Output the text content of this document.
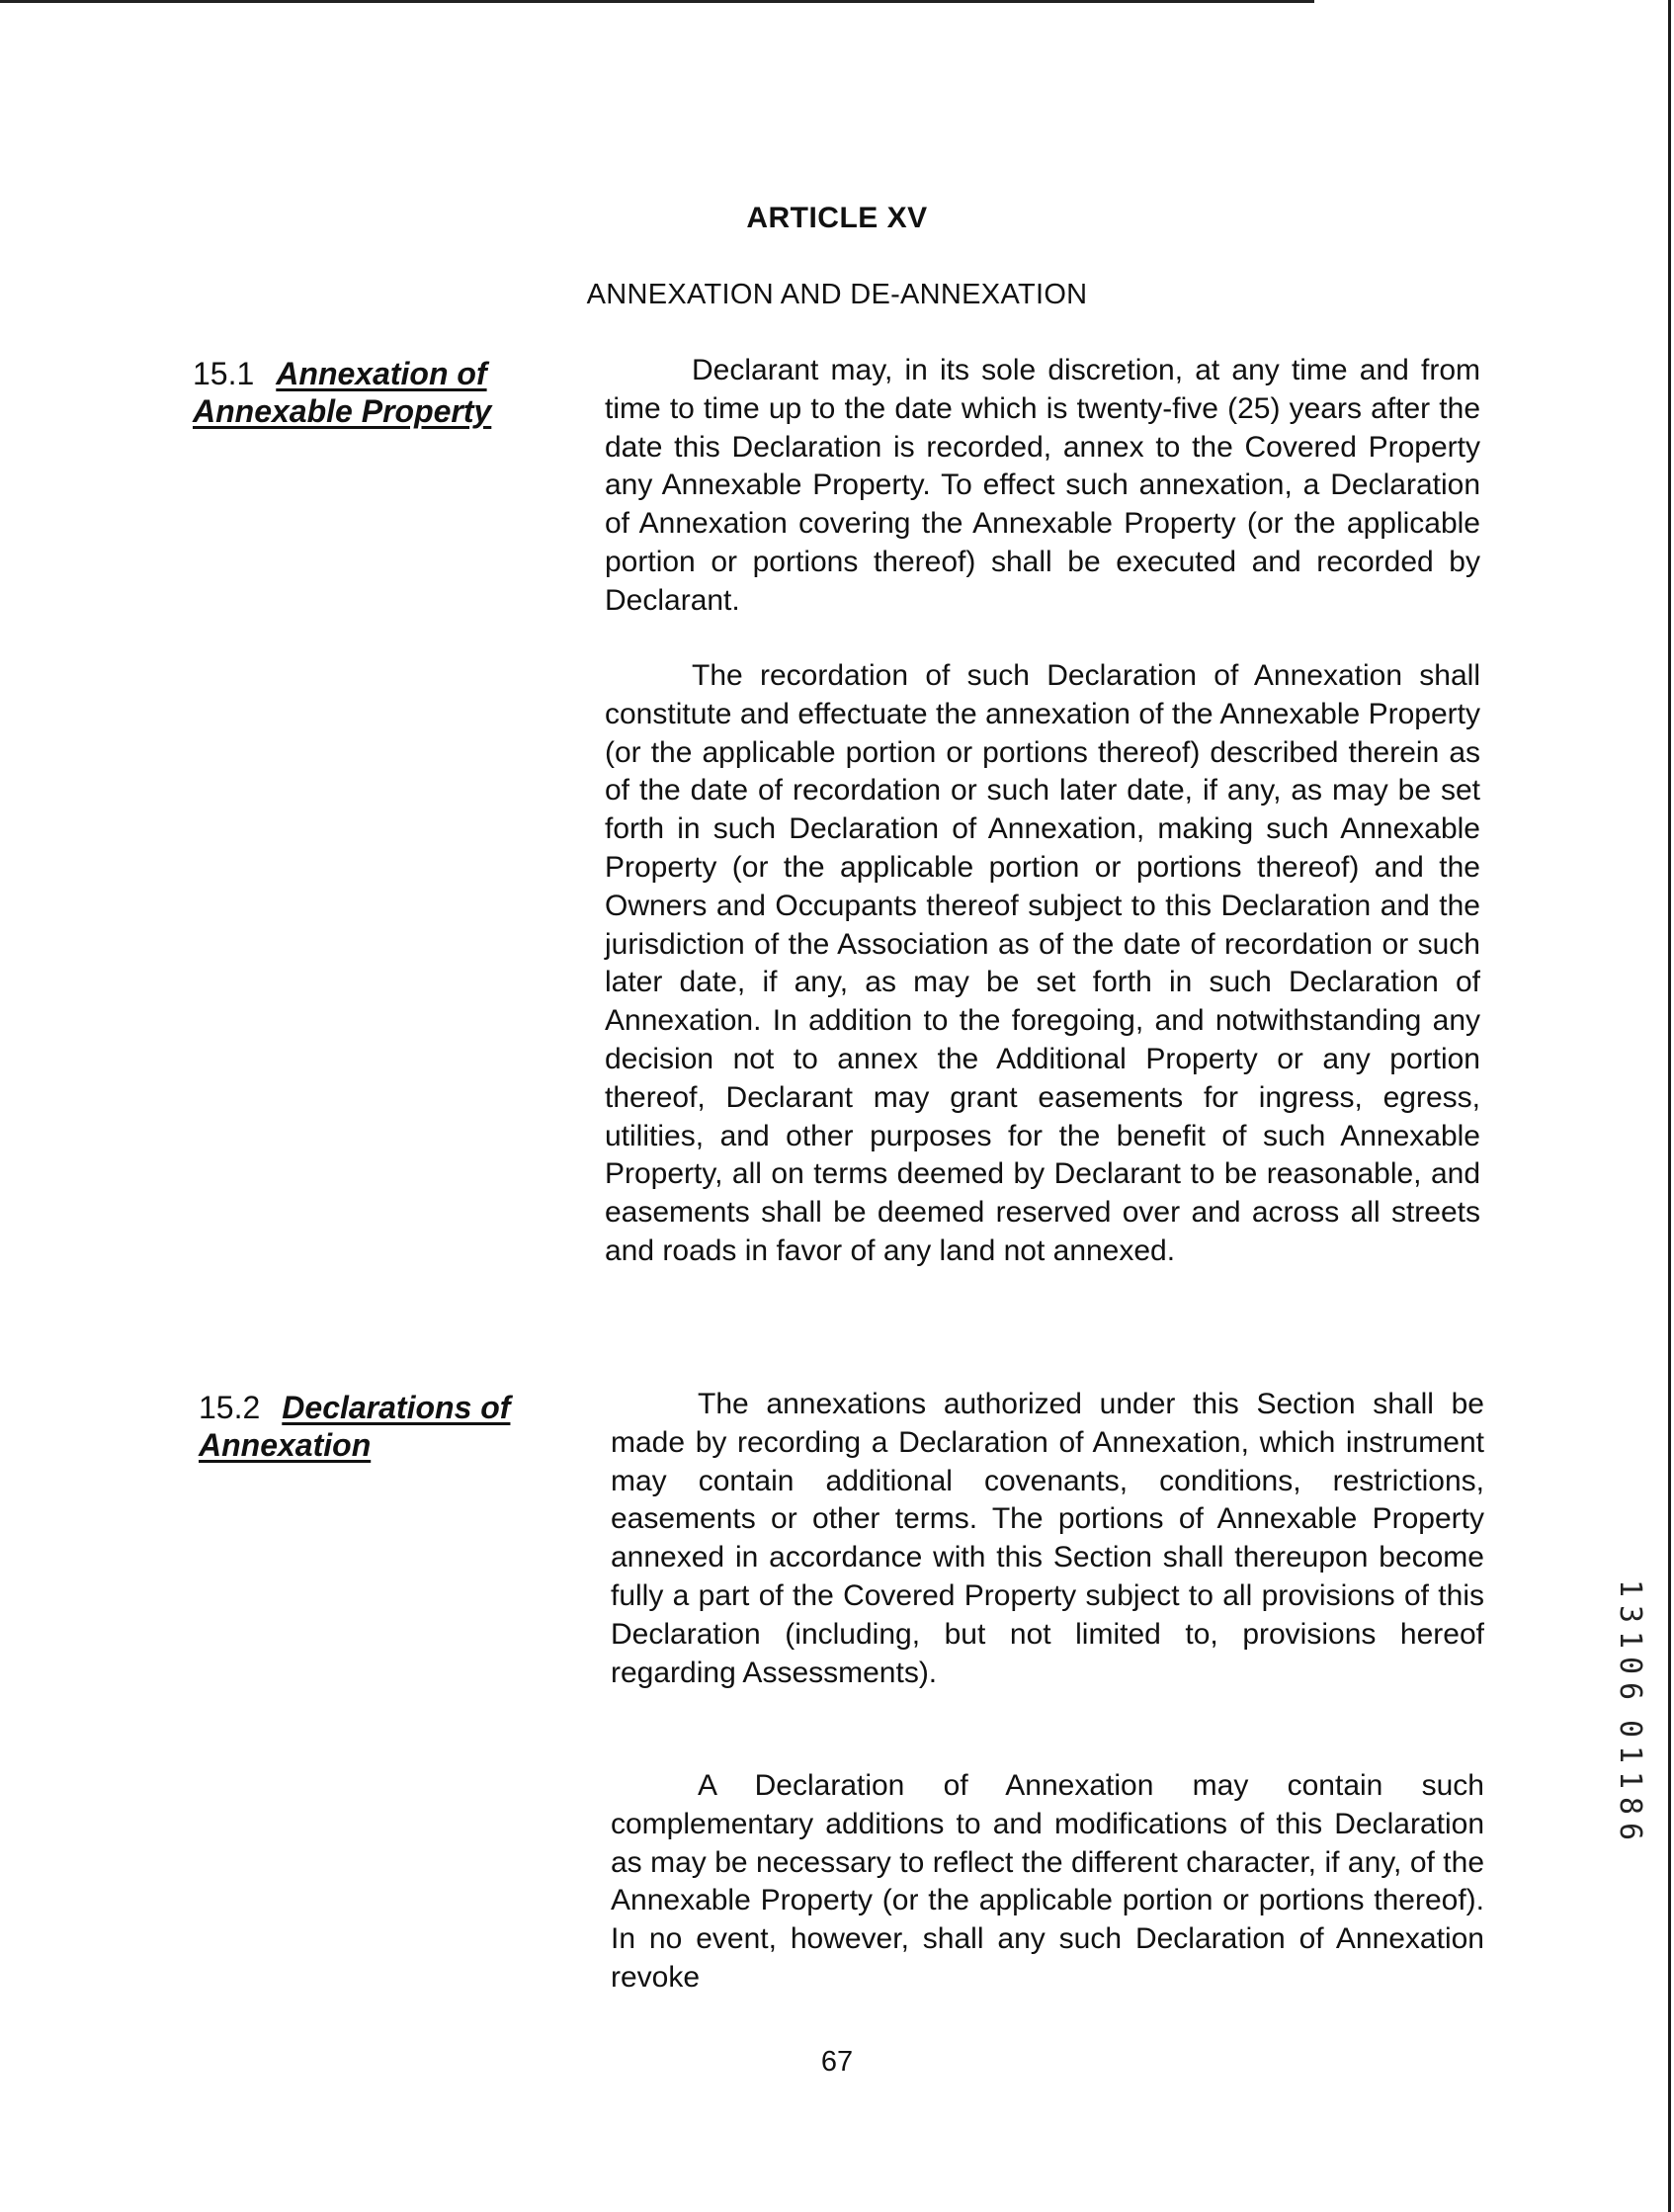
ARTICLE XV
ANNEXATION AND DE-ANNEXATION
15.1 Annexation of
Annexable Property

Declarant may, in its sole discretion, at any time and from time to time up to the date which is twenty-five (25) years after the date this Declaration is recorded, annex to the Covered Property any Annexable Property. To effect such annexation, a Declaration of Annexation covering the Annexable Property (or the applicable portion or portions thereof) shall be executed and recorded by Declarant.

The recordation of such Declaration of Annexation shall constitute and effectuate the annexation of the Annexable Property (or the applicable portion or portions thereof) described therein as of the date of recordation or such later date, if any, as may be set forth in such Declaration of Annexation, making such Annexable Property (or the applicable portion or portions thereof) and the Owners and Occupants thereof subject to this Declaration and the jurisdiction of the Association as of the date of recordation or such later date, if any, as may be set forth in such Declaration of Annexation. In addition to the foregoing, and notwithstanding any decision not to annex the Additional Property or any portion thereof, Declarant may grant easements for ingress, egress, utilities, and other purposes for the benefit of such Annexable Property, all on terms deemed by Declarant to be reasonable, and easements shall be deemed reserved over and across all streets and roads in favor of any land not annexed.

15.2 Declarations of
Annexation

The annexations authorized under this Section shall be made by recording a Declaration of Annexation, which instrument may contain additional covenants, conditions, restrictions, easements or other terms. The portions of Annexable Property annexed in accordance with this Section shall thereupon become fully a part of the Covered Property subject to all provisions of this Declaration (including, but not limited to, provisions hereof regarding Assessments).

A Declaration of Annexation may contain such complementary additions to and modifications of this Declaration as may be necessary to reflect the different character, if any, of the Annexable Property (or the applicable portion or portions thereof). In no event, however, shall any such Declaration of Annexation revoke

67
1
3
1
0
6
0
1
1
8
6
